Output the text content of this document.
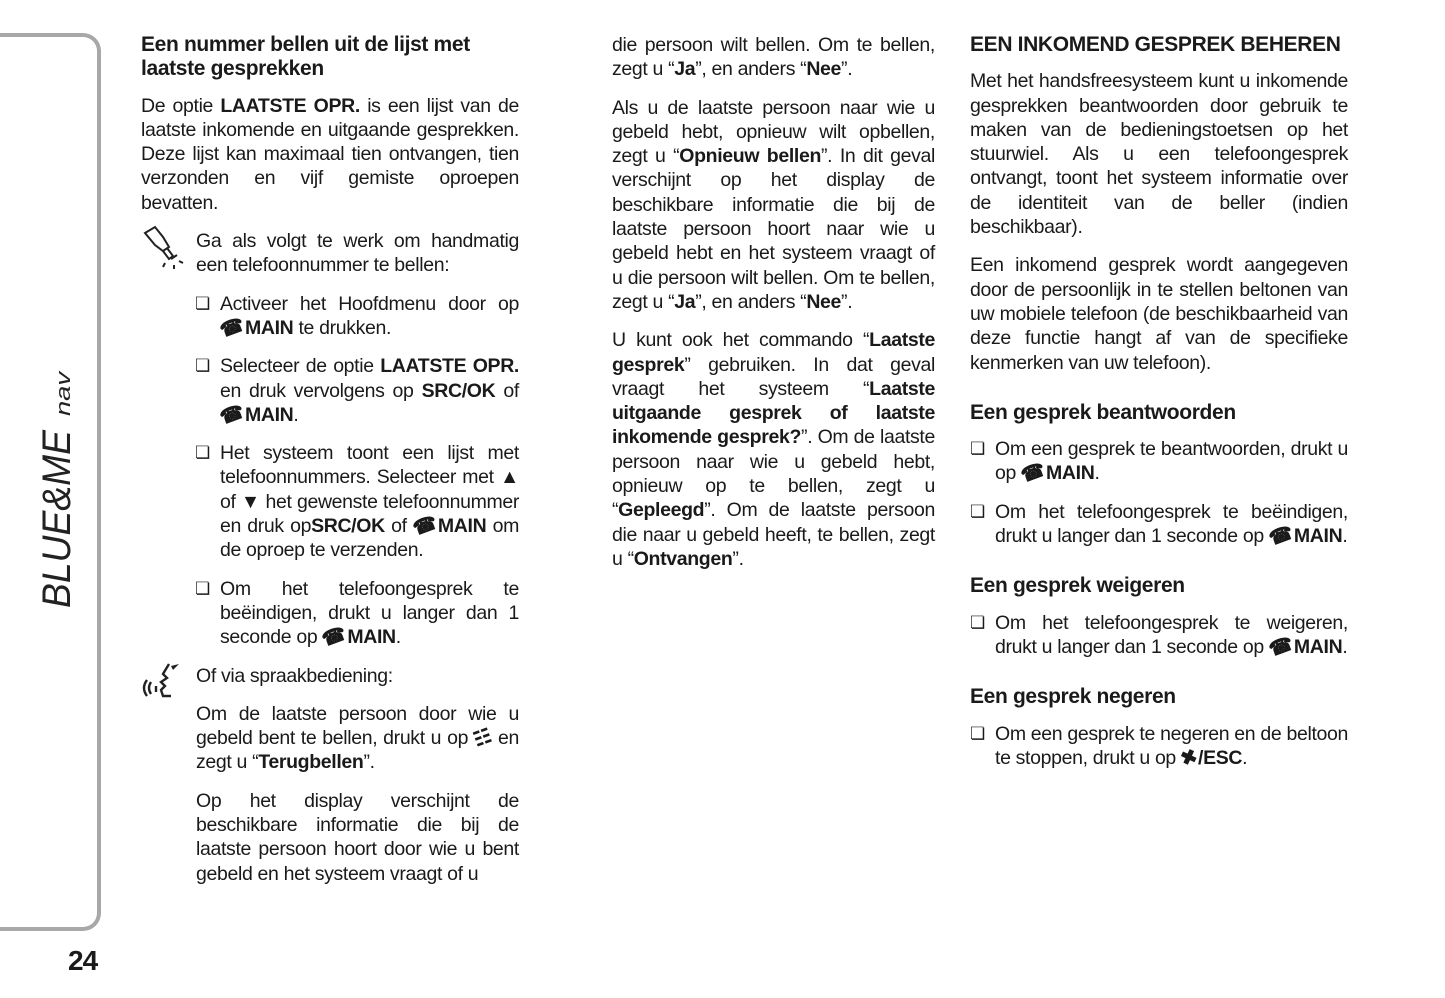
BLUE&ME
nav
24
Een nummer bellen uit de lijst met laatste gesprekken
De optie LAATSTE OPR. is een lijst van de laatste inkomende en uitgaande gesprekken. Deze lijst kan maximaal tien ontvangen, tien verzonden en vijf gemiste oproepen bevatten.
Ga als volgt te werk om handmatig een telefoonnummer te bellen:
❏ Activeer het Hoofdmenu door op ☎MAIN te drukken.
❏ Selecteer de optie LAATSTE OPR. en druk vervolgens op SRC/OK of ☎MAIN.
❏ Het systeem toont een lijst met telefoonnummers. Selecteer met ▲ of ▼ het gewenste telefoonnummer en druk opSRC/OK of ☎MAIN om de oproep te verzenden.
❏ Om het telefoongesprek te beëindigen, drukt u langer dan 1 seconde op ☎MAIN.
Of via spraakbediening:
Om de laatste persoon door wie u gebeld bent te bellen, drukt u op ☷ en zegt u “Terugbellen”.
Op het display verschijnt de beschikbare informatie die bij de laatste persoon hoort door wie u bent gebeld en het systeem vraagt of u
die persoon wilt bellen. Om te bellen, zegt u “Ja”, en anders “Nee”.
Als u de laatste persoon naar wie u gebeld hebt, opnieuw wilt opbellen, zegt u “Opnieuw bellen”. In dit geval verschijnt op het display de beschikbare informatie die bij de laatste persoon hoort naar wie u gebeld hebt en het systeem vraagt of u die persoon wilt bellen. Om te bellen, zegt u “Ja”, en anders “Nee”.
U kunt ook het commando “Laatste gesprek” gebruiken. In dat geval vraagt het systeem “Laatste uitgaande gesprek of laatste inkomende gesprek?”. Om de laatste persoon naar wie u gebeld hebt, opnieuw op te bellen, zegt u “Gepleegd”. Om de laatste persoon die naar u gebeld heeft, te bellen, zegt u “Ontvangen”.
EEN INKOMEND GESPREK BEHEREN
Met het handsfreesysteem kunt u inkomende gesprekken beantwoorden door gebruik te maken van de bedieningstoetsen op het stuurwiel. Als u een telefoongesprek ontvangt, toont het systeem informatie over de identiteit van de beller (indien beschikbaar).
Een inkomend gesprek wordt aangegeven door de persoonlijk in te stellen beltonen van uw mobiele telefoon (de beschikbaarheid van deze functie hangt af van de specifieke kenmerken van uw telefoon).
Een gesprek beantwoorden
❏ Om een gesprek te beantwoorden, drukt u op ☎MAIN.
❏ Om het telefoongesprek te beëindigen, drukt u langer dan 1 seconde op ☎MAIN.
Een gesprek weigeren
❏ Om het telefoongesprek te weigeren, drukt u langer dan 1 seconde op ☎MAIN.
Een gesprek negeren
❏ Om een gesprek te negeren en de beltoon te stoppen, drukt u op ✖/ESC.
